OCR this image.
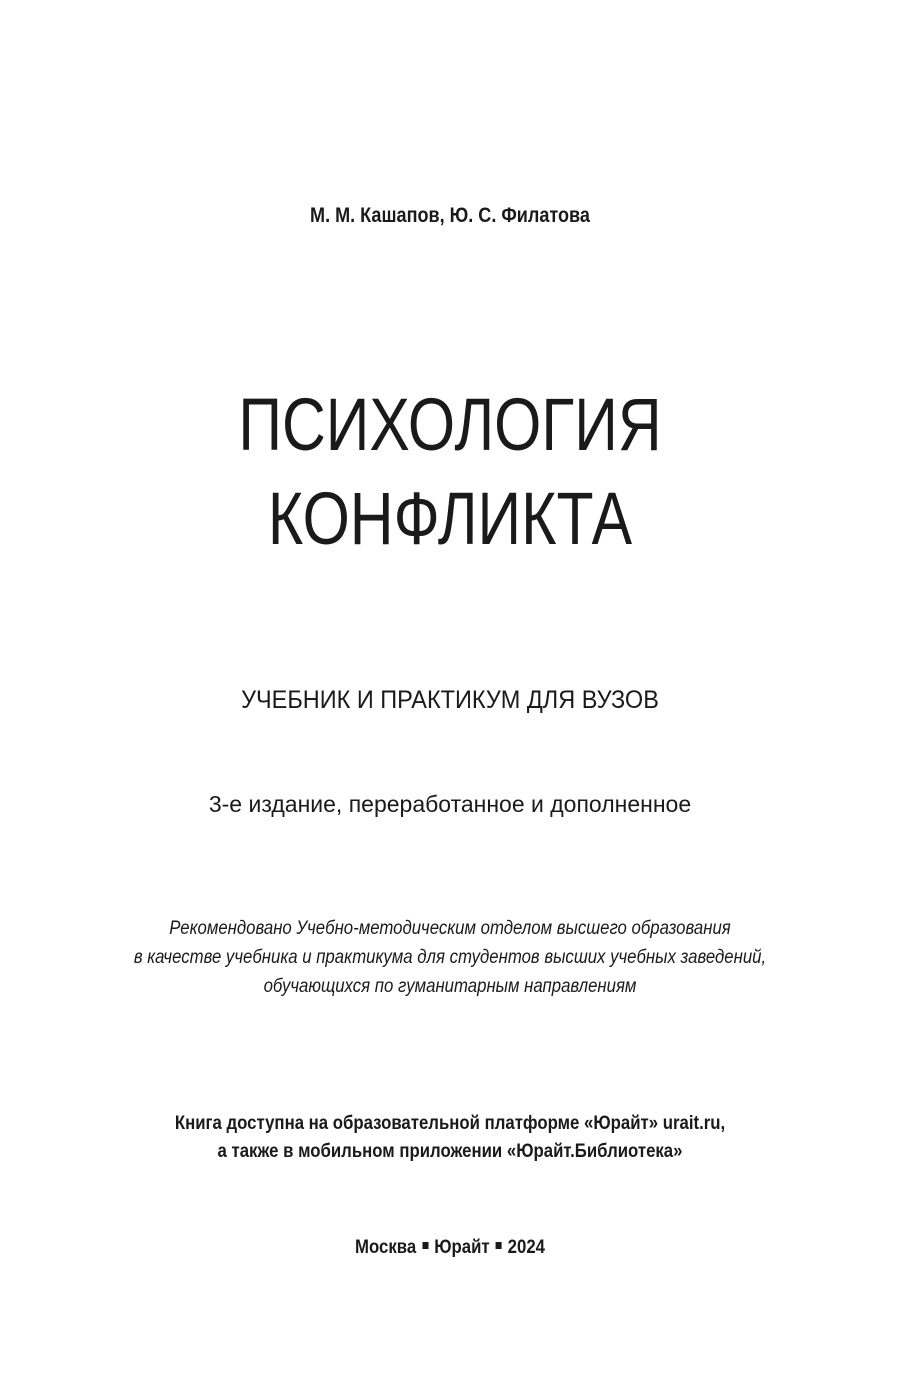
М. М. Кашапов, Ю. С. Филатова
ПСИХОЛОГИЯ
КОНФЛИКТА
УЧЕБНИК И ПРАКТИКУМ ДЛЯ ВУЗОВ
3-е издание, переработанное и дополненное
Рекомендовано Учебно-методическим отделом высшего образования
в качестве учебника и практикума для студентов высших учебных заведений,
обучающихся по гуманитарным направлениям
Книга доступна на образовательной платформе «Юрайт» urait.ru,
а также в мобильном приложении «Юрайт.Библиотека»
Москва Юрайт 2024
